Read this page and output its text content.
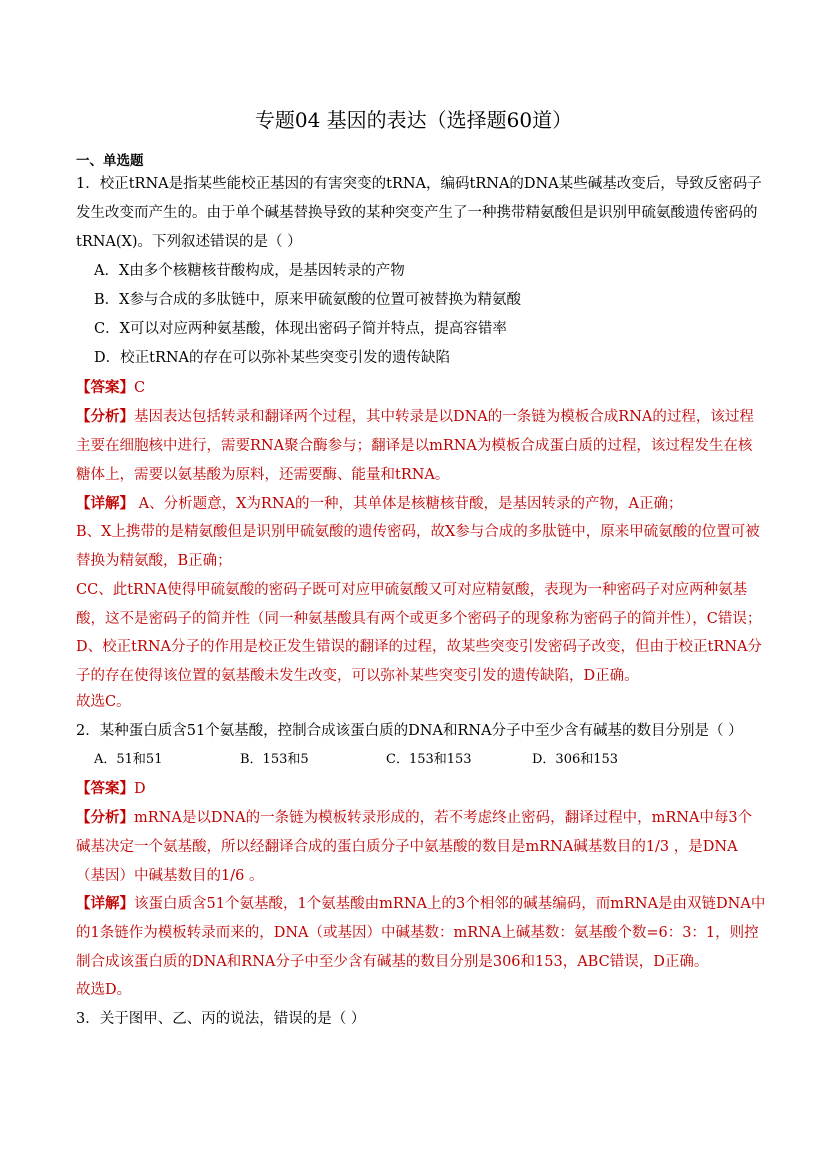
专题04 基因的表达（选择题60道）
一、单选题
1．校正tRNA是指某些能校正基因的有害突变的tRNA，编码tRNA的DNA某些碱基改变后，导致反密码子发生改变而产生的。由于单个碱基替换导致的某种突变产生了一种携带精氨酸但是识别甲硫氨酸遗传密码的tRNA(X)。下列叙述错误的是（ ）
A．X由多个核糖核苷酸构成，是基因转录的产物
B．X参与合成的多肽链中，原来甲硫氨酸的位置可被替换为精氨酸
C．X可以对应两种氨基酸，体现出密码子简并特点，提高容错率
D．校正tRNA的存在可以弥补某些突变引发的遗传缺陷
【答案】C
【分析】基因表达包括转录和翻译两个过程，其中转录是以DNA的一条链为模板合成RNA的过程，该过程主要在细胞核中进行，需要RNA聚合酶参与；翻译是以mRNA为模板合成蛋白质的过程，该过程发生在核糖体上，需要以氨基酸为原料，还需要酶、能量和tRNA。
【详解】 A、分析题意，X为RNA的一种，其单体是核糖核苷酸，是基因转录的产物，A正确；
B、X上携带的是精氨酸但是识别甲硫氨酸的遗传密码，故X参与合成的多肽链中，原来甲硫氨酸的位置可被替换为精氨酸，B正确；
CC、此tRNA使得甲硫氨酸的密码子既可对应甲硫氨酸又可对应精氨酸，表现为一种密码子对应两种氨基酸，这不是密码子的简并性（同一种氨基酸具有两个或更多个密码子的现象称为密码子的简并性），C错误；
D、校正tRNA分子的作用是校正发生错误的翻译的过程，故某些突变引发密码子改变，但由于校正tRNA分子的存在使得该位置的氨基酸未发生改变，可以弥补某些突变引发的遗传缺陷，D正确。
故选C。
2．某种蛋白质含51个氨基酸，控制合成该蛋白质的DNA和RNA分子中至少含有碱基的数目分别是（ ）
A．51和51	B．153和5	C．153和153	D．306和153
【答案】D
【分析】mRNA是以DNA的一条链为模板转录形成的，若不考虑终止密码，翻译过程中，mRNA中每3个碱基决定一个氨基酸，所以经翻译合成的蛋白质分子中氨基酸的数目是mRNA碱基数目的1/3 ，是DNA（基因）中碱基数目的1/6 。
【详解】该蛋白质含51个氨基酸，1个氨基酸由mRNA上的3个相邻的碱基编码，而mRNA是由双链DNA中的1条链作为模板转录而来的，DNA（或基因）中碱基数：mRNA上碱基数：氨基酸个数=6：3：1，则控制合成该蛋白质的DNA和RNA分子中至少含有碱基的数目分别是306和153，ABC错误，D正确。
故选D。
3．关于图甲、乙、丙的说法，错误的是（ ）
